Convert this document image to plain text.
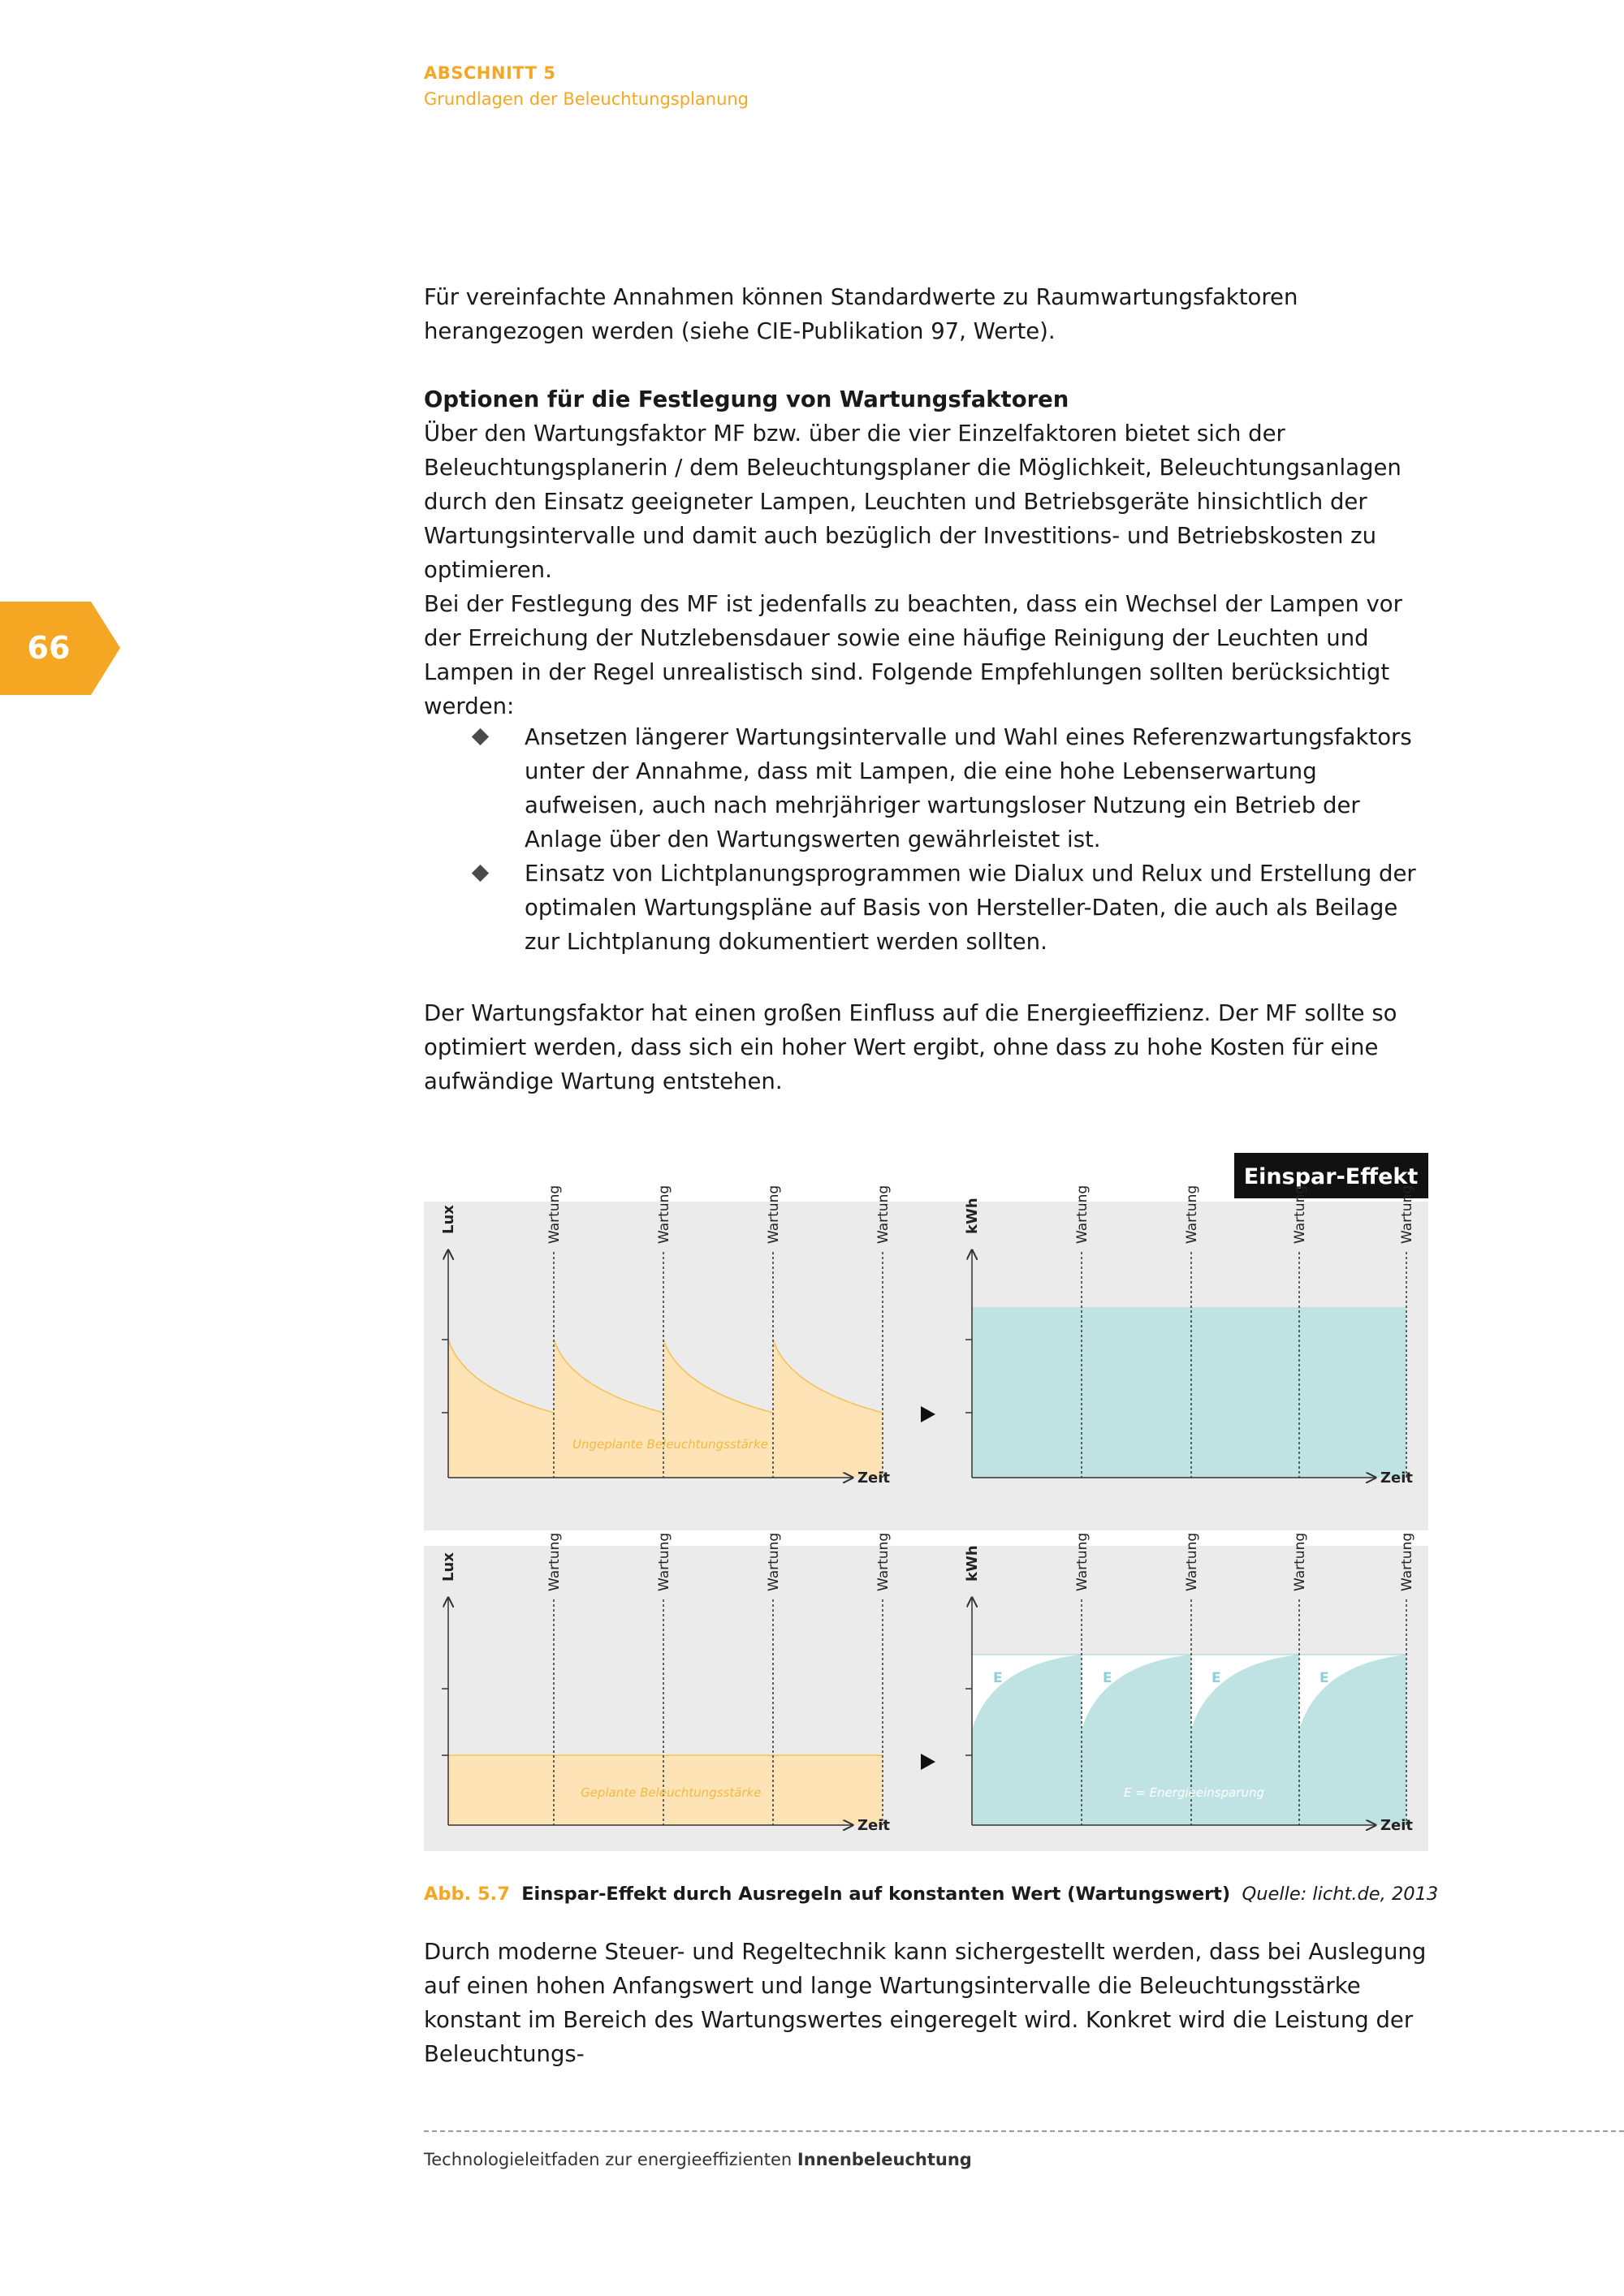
ABSCHNITT 5
Grundlagen der Beleuchtungsplanung
66

Für vereinfachte Annahmen können Standardwerte zu Raumwartungsfaktoren herangezogen werden (siehe CIE-Publikation 97, Werte).

Optionen für die Festlegung von Wartungsfaktoren

Über den Wartungsfaktor MF bzw. über die vier Einzelfaktoren bietet sich der Beleuchtungsplanerin / dem Beleuchtungsplaner die Möglichkeit, Beleuchtungsanlagen durch den Einsatz geeigneter Lampen, Leuchten und Betriebsgeräte hinsichtlich der Wartungsintervalle und damit auch bezüglich der Investitions- und Betriebskosten zu optimieren.

Bei der Festlegung des MF ist jedenfalls zu beachten, dass ein Wechsel der Lampen vor der Erreichung der Nutzlebensdauer sowie eine häufige Reinigung der Leuchten und Lampen in der Regel unrealistisch sind. Folgende Empfehlungen sollten berücksichtigt werden:

Ansetzen längerer Wartungsintervalle und Wahl eines Referenzwartungsfaktors unter der Annahme, dass mit Lampen, die eine hohe Lebenserwartung aufweisen, auch nach mehrjähriger wartungsloser Nutzung ein Betrieb der Anlage über den Wartungswerten gewährleistet ist.
Einsatz von Lichtplanungsprogrammen wie Dialux und Relux und Erstellung der optimalen Wartungspläne auf Basis von Hersteller-Daten, die auch als Beilage zur Lichtplanung dokumentiert werden sollten.

Der Wartungsfaktor hat einen großen Einfluss auf die Energieeffizienz. Der MF sollte so optimiert werden, dass sich ein hoher Wert ergibt, ohne dass zu hohe Kosten für eine aufwändige Wartung entstehen.

Einspar-Effekt
Lux
Zeit
Wartung	Wartung	Wartung	Wartung
Ungeplante Beleuchtungsstärke
kWh
Zeit
Wartung	Wartung	Wartung	Wartung
Lux
Zeit
Wartung	Wartung	Wartung	Wartung
Geplante Beleuchtungsstärke
kWh
Zeit
Wartung	Wartung	Wartung	Wartung
E	E	E	E
E = Energieeinsparung
Abb. 5.7 Einspar-Effekt durch Ausregeln auf konstanten Wert (Wartungswert) Quelle: licht.de, 2013

Durch moderne Steuer- und Regeltechnik kann sichergestellt werden, dass bei Auslegung auf einen hohen Anfangswert und lange Wartungsintervalle die Beleuchtungsstärke konstant im Bereich des Wartungswertes eingeregelt wird. Konkret wird die Leistung der Beleuchtungs-

Technologieleitfaden zur energieeffizienten Innenbeleuchtung
